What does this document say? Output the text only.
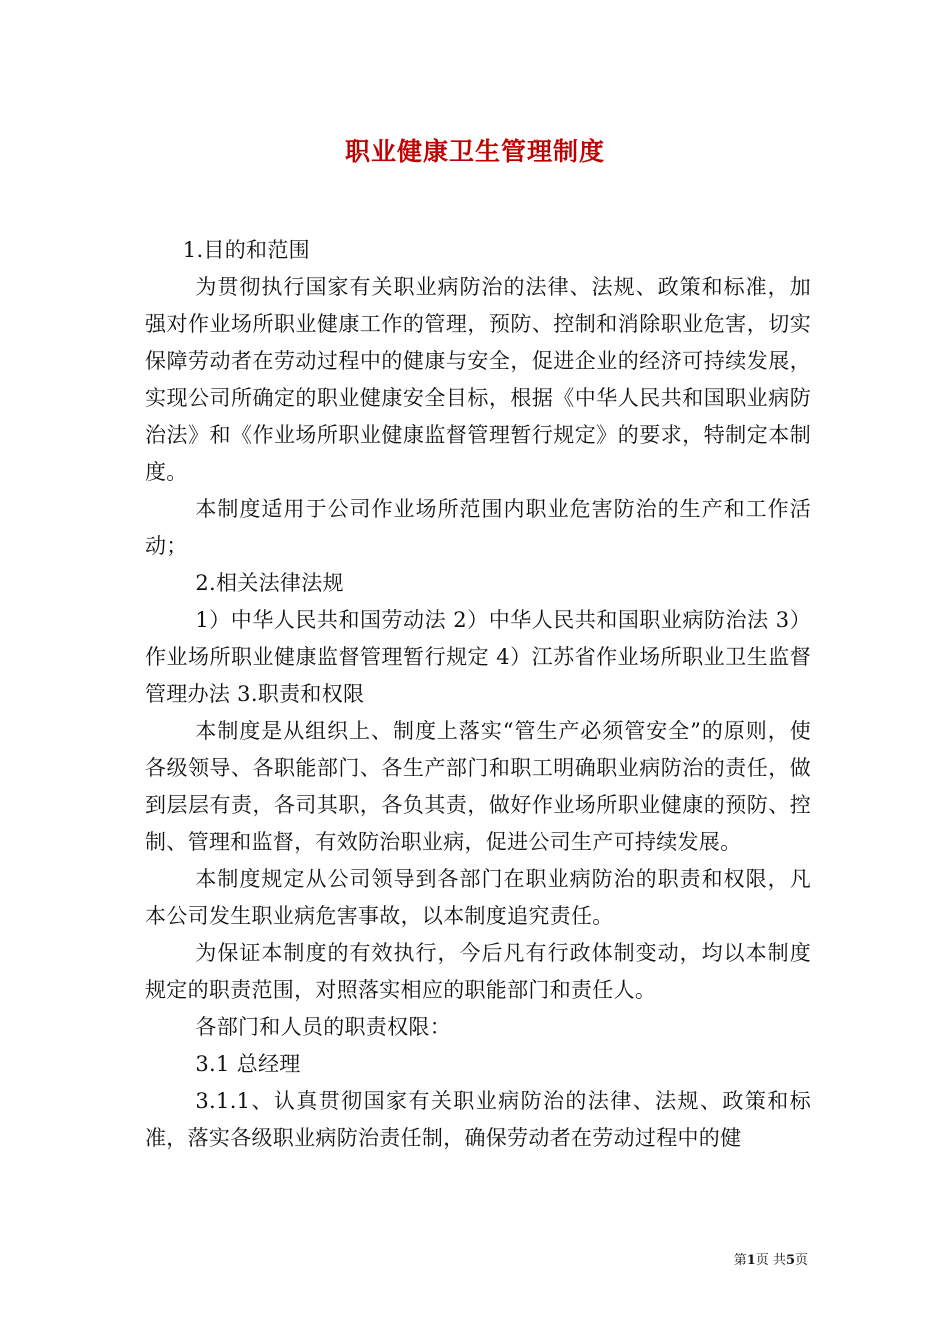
职业健康卫生管理制度

1.目的和范围

为贯彻执行国家有关职业病防治的法律、法规、政策和标准，加强对作业场所职业健康工作的管理，预防、控制和消除职业危害，切实保障劳动者在劳动过程中的健康与安全，促进企业的经济可持续发展，实现公司所确定的职业健康安全目标，根据《中华人民共和国职业病防治法》和《作业场所职业健康监督管理暂行规定》的要求，特制定本制度。

本制度适用于公司作业场所范围内职业危害防治的生产和工作活动；

2.相关法律法规

1）中华人民共和国劳动法 2）中华人民共和国职业病防治法 3）作业场所职业健康监督管理暂行规定 4）江苏省作业场所职业卫生监督管理办法 3.职责和权限

本制度是从组织上、制度上落实“管生产必须管安全”的原则，使各级领导、各职能部门、各生产部门和职工明确职业病防治的责任，做到层层有责，各司其职，各负其责，做好作业场所职业健康的预防、控制、管理和监督，有效防治职业病，促进公司生产可持续发展。

本制度规定从公司领导到各部门在职业病防治的职责和权限，凡本公司发生职业病危害事故，以本制度追究责任。

为保证本制度的有效执行，今后凡有行政体制变动，均以本制度规定的职责范围，对照落实相应的职能部门和责任人。

各部门和人员的职责权限：

3.1 总经理

3.1.1、认真贯彻国家有关职业病防治的法律、法规、政策和标准，落实各级职业病防治责任制，确保劳动者在劳动过程中的健

第1页 共5页
